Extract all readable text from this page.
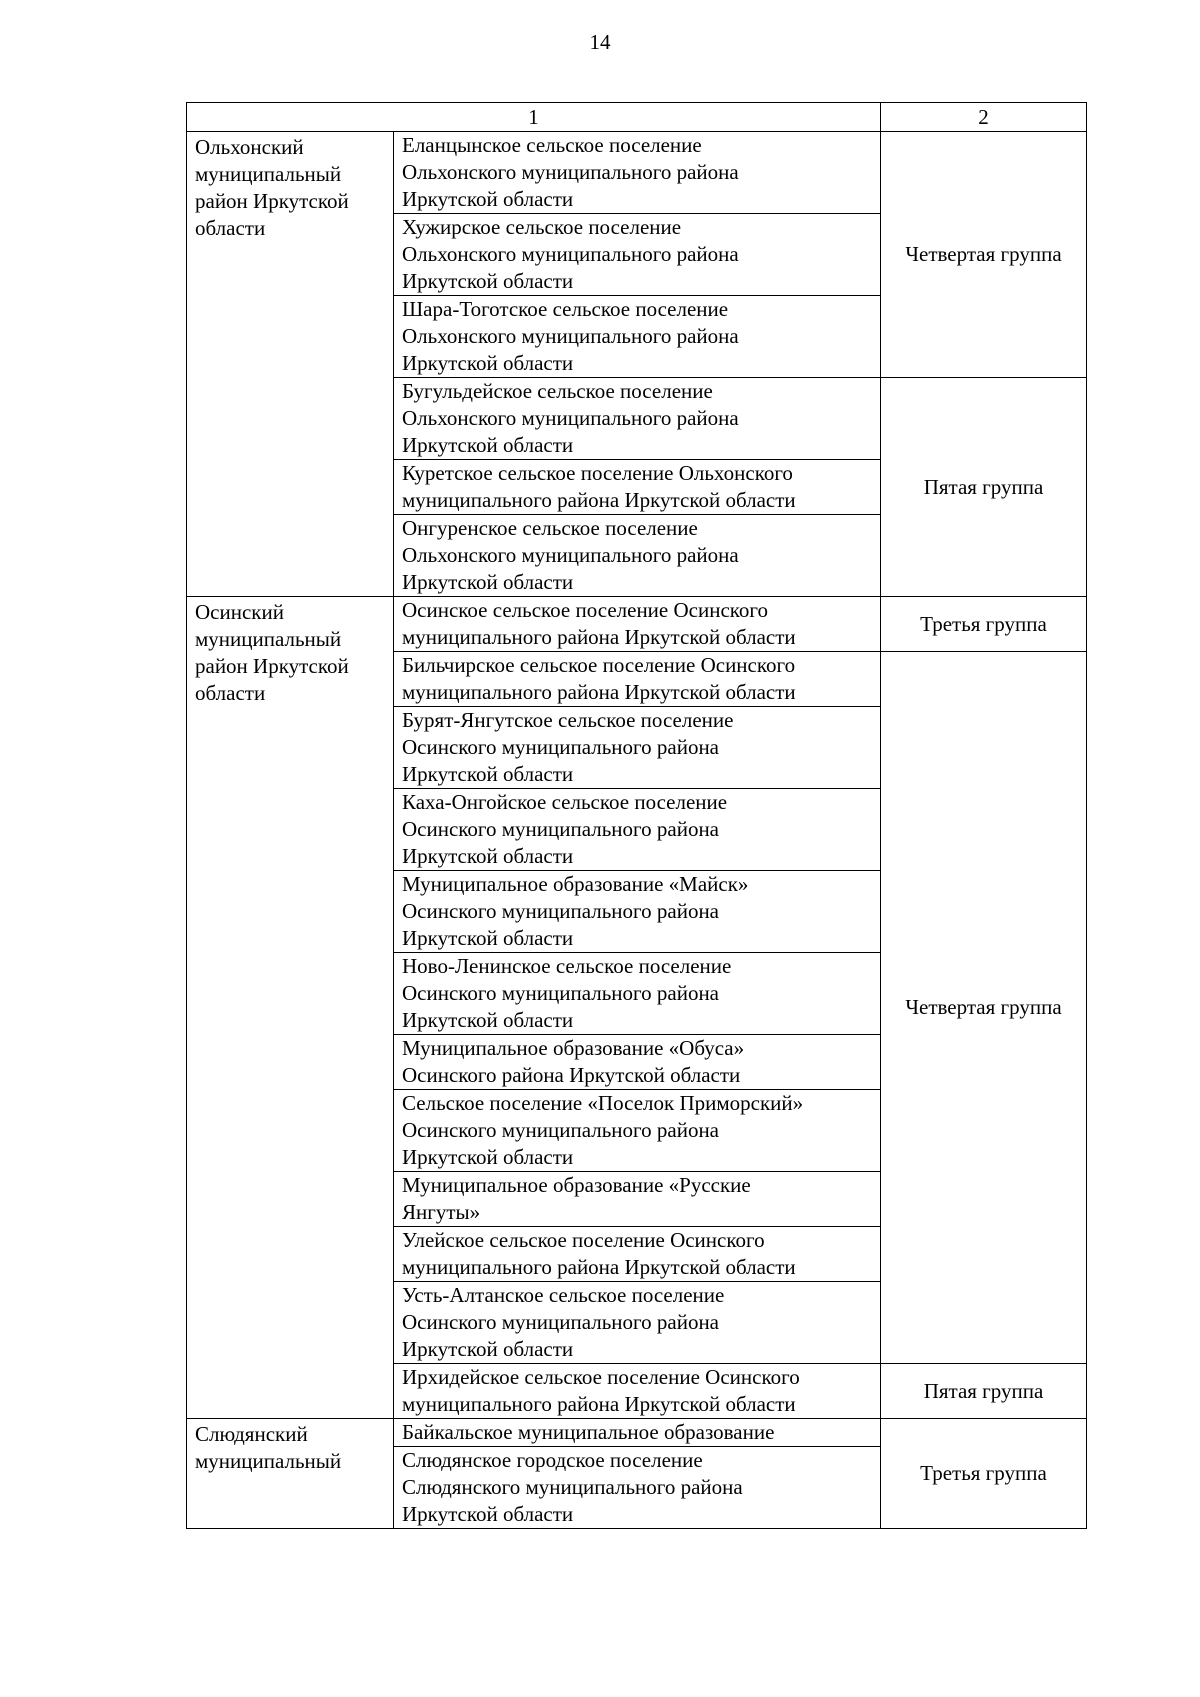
14
1		2
Ольхонский
муниципальный
район Иркутской
области	Еланцынское сельское поселение
Ольхонского муниципального района
Иркутской области	Четвертая группа
	Хужирское сельское поселение
Ольхонского муниципального района
Иркутской области	
	Шара-Тоготское сельское поселение
Ольхонского муниципального района
Иркутской области	
	Бугульдейское сельское поселение
Ольхонского муниципального района
Иркутской области	Пятая группа
	Куретское сельское поселение Ольхонского
муниципального района Иркутской области	
	Онгуренское сельское поселение
Ольхонского муниципального района
Иркутской области	
Осинский
муниципальный
район Иркутской
области	Осинское сельское поселение Осинского
муниципального района Иркутской области	Третья группа
	Бильчирское сельское поселение Осинского
муниципального района Иркутской области	Четвертая группа
	Бурят-Янгутское сельское поселение
Осинского муниципального района
Иркутской области	
	Каха-Онгойское сельское поселение
Осинского муниципального района
Иркутской области	
	Муниципальное образование «Майск»
Осинского муниципального района
Иркутской области	
	Ново-Ленинское сельское поселение
Осинского муниципального района
Иркутской области	
	Муниципальное образование «Обуса»
Осинского района Иркутской области	
	Сельское поселение «Поселок Приморский»
Осинского муниципального района
Иркутской области	
	Муниципальное образование «Русские
Янгуты»	
	Улейское сельское поселение Осинского
муниципального района Иркутской области	
	Усть-Алтанское сельское поселение
Осинского муниципального района
Иркутской области	
	Ирхидейское сельское поселение Осинского
муниципального района Иркутской области	Пятая группа
Слюдянский
муниципальный	Байкальское муниципальное образование	Третья группа
	Слюдянское городское поселение
Слюдянского муниципального района
Иркутской области	
